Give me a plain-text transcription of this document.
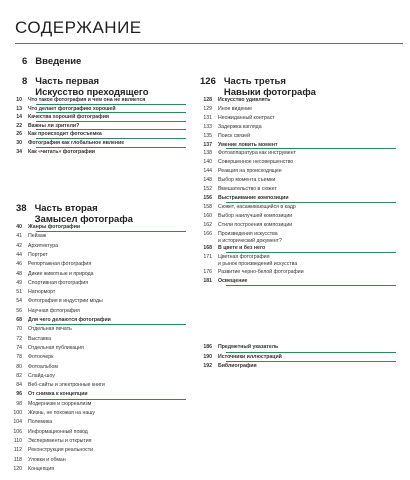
СОДЕРЖАНИЕ
6 Введение
8 Часть первая
Искусство преходящего
10 Что такое фотография и чем она не является
13 Что делает фотографию хорошей
14 Качества хорошей фотографии
22 Важны ли зрители?
26 Как происходит фотосъемка
30 Фотография как глобальное явление
34 Как «читать» фотографии
38 Часть вторая
Замысел фотографа
40 Жанры фотографии
41 Пейзаж
42 Архитектура
44 Портрет
46 Репортажная фотография
48 Дикие животные и природа
49 Спортивная фотография
51 Натюрморт
54 Фотография в индустрии моды
56 Научная фотография
68 Для чего делаются фотографии
70 Отдельная печать
72 Выставка
74 Отдельная публикация
78 Фотоочерк
80 Фотоальбом
82 Слайд-шоу
84 Веб-сайты и электронные книги
96 От снимка к концепции
98 Модернизм и сюрреализм
100 Жизнь, не похожая на нашу
104 Полемика
106 Информационный повод
110 Эксперименты и открытия
112 Реконструкция реальности
118 Уловки и обман
120 Концепция
126 Часть третья
Навыки фотографа
128 Искусство удивлять
129 Иное видение
131 Неожиданный контраст
133 Задержка взгляда
135 Поиск связей
137 Умение ловить момент
138 Фотоаппаратура как инструмент
140 Совершенное несовершенство
144 Реакция на происходящее
148 Выбор момента съемки
152 Вмешательство в сюжет
156 Выстраивание композиции
158 Сюжет, насаживающийся в кадр
160 Выбор наилучшей композиции
162 Стили построения композиции
166 Произведения искусства
и исторический документ?
168 В цвете и без него
171 Цветная фотография
и рынок произведений искусства
176 Развитие черно-белой фотографии
181 Освещение
186 Предметный указатель
190 Источники иллюстраций
192 Библиография
